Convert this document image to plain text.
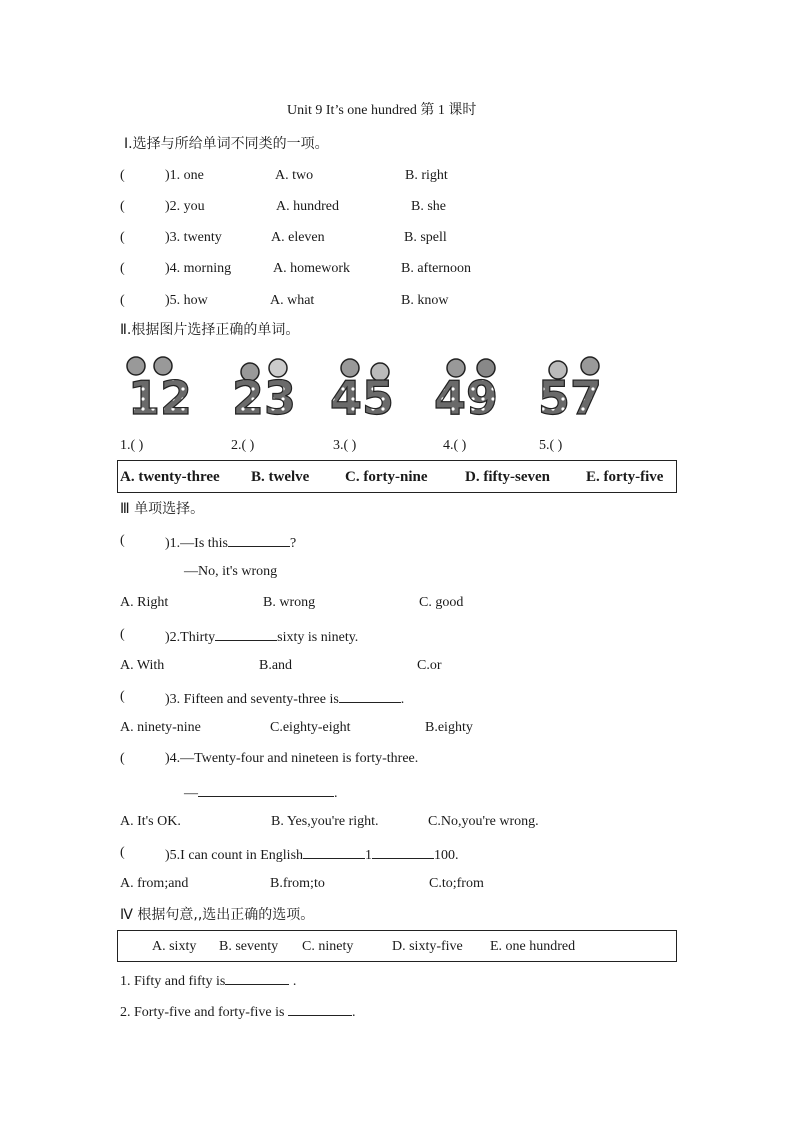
Unit 9 It’s one hundred 第 1 课时
Ⅰ.选择与所给单词不同类的一项。
(	)1. one	A. two	B. right
(	)2. you	A. hundred	B. she
(	)3. twenty	A. eleven	B. spell
(	)4. morning	A. homework	B. afternoon
(	)5. how	A. what	B. know
Ⅱ.根据图片选择正确的单词。
12 23 45 49 57
1.( )	2.( )	3.( )	4.( )	5.( )
A. twenty-three B. twelve C. forty-nine	D. fifty-seven E. forty-five
Ⅲ 单项选择。
(	)1.—Is this	?
—No, it's wrong
A. Right	B. wrong	C. good
(	)2.Thirty	sixty is ninety.
A. With	B.and	C.or
(	)3. Fifteen and seventy-three is	.
A. ninety-nine	C.eighty-eight	B.eighty
(	)4.—Twenty-four and nineteen is forty-three.
—	.
A. It's OK.	B. Yes,you're right.	C.No,you're wrong.
(	)5.I can count in English	1	100.
A. from;and	B.from;to	C.to;from
Ⅳ 根据句意,,选出正确的选项。
A. sixty B. seventy C. ninety	D. sixty-five E. one hundred
1. Fifty and fifty is	.
2. Forty-five and forty-five is	.
